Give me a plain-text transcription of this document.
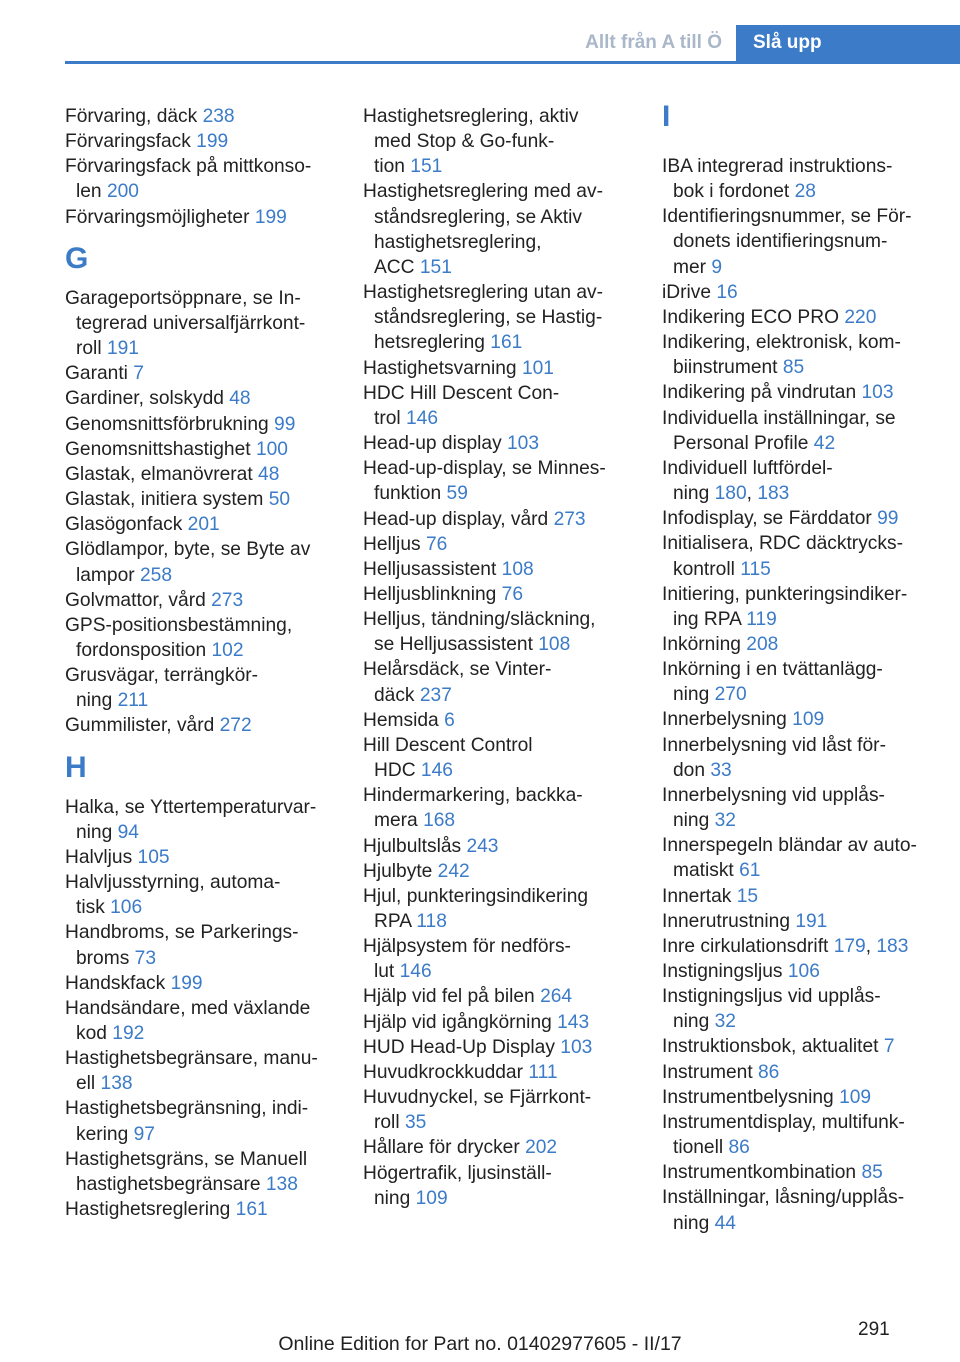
Allt från A till Ö	Slå upp
Förvaring, däck 238
Förvaringsfack 199
Förvaringsfack på mittkonso-
len 200
Förvaringsmöjligheter 199
G
Garageportsöppnare, se In-
tegrerad universalfjärrkont-
roll 191
Garanti 7
Gardiner, solskydd 48
Genomsnittsförbrukning 99
Genomsnittshastighet 100
Glastak, elmanövrerat 48
Glastak, initiera system 50
Glasögonfack 201
Glödlampor, byte, se Byte av
lampor 258
Golvmattor, vård 273
GPS-positionsbestämning,
fordonsposition 102
Grusvägar, terrängkör-
ning 211
Gummilister, vård 272
H
Halka, se Yttertemperaturvar-
ning 94
Halvljus 105
Halvljusstyrning, automa-
tisk 106
Handbroms, se Parkerings-
broms 73
Handskfack 199
Handsändare, med växlande
kod 192
Hastighetsbegränsare, manu-
ell 138
Hastighetsbegränsning, indi-
kering 97
Hastighetsgräns, se Manuell
hastighetsbegränsare 138
Hastighetsreglering 161
Hastighetsreglering, aktiv
med Stop & Go-funk-
tion 151
Hastighetsreglering med av-
ståndsreglering, se Aktiv
hastighetsreglering,
ACC 151
Hastighetsreglering utan av-
ståndsreglering, se Hastig-
hetsreglering 161
Hastighetsvarning 101
HDC Hill Descent Con-
trol 146
Head-up display 103
Head-up-display, se Minnes-
funktion 59
Head-up display, vård 273
Helljus 76
Helljusassistent 108
Helljusblinkning 76
Helljus, tändning/släckning,
se Helljusassistent 108
Helårsdäck, se Vinter-
däck 237
Hemsida 6
Hill Descent Control
HDC 146
Hindermarkering, backka-
mera 168
Hjulbultslås 243
Hjulbyte 242
Hjul, punkteringsindikering
RPA 118
Hjälpsystem för nedförs-
lut 146
Hjälp vid fel på bilen 264
Hjälp vid igångkörning 143
HUD Head-Up Display 103
Huvudkrockkuddar 111
Huvudnyckel, se Fjärrkont-
roll 35
Hållare för drycker 202
Högertrafik, ljusinställ-
ning 109
I
IBA integrerad instruktions-
bok i fordonet 28
Identifieringsnummer, se För-
donets identifieringsnum-
mer 9
iDrive 16
Indikering ECO PRO 220
Indikering, elektronisk, kom-
biinstrument 85
Indikering på vindrutan 103
Individuella inställningar, se
Personal Profile 42
Individuell luftfördel-
ning 180, 183
Infodisplay, se Färddator 99
Initialisera, RDC däcktrycks-
kontroll 115
Initiering, punkteringsindiker-
ing RPA 119
Inkörning 208
Inkörning i en tvättanlägg-
ning 270
Innerbelysning 109
Innerbelysning vid låst för-
don 33
Innerbelysning vid upplås-
ning 32
Innerspegeln bländar av auto-
matiskt 61
Innertak 15
Innerutrustning 191
Inre cirkulationsdrift 179, 183
Instigningsljus 106
Instigningsljus vid upplås-
ning 32
Instruktionsbok, aktualitet 7
Instrument 86
Instrumentbelysning 109
Instrumentdisplay, multifunk-
tionell 86
Instrumentkombination 85
Inställningar, låsning/upplås-
ning 44
291
Online Edition for Part no. 01402977605 - II/17
